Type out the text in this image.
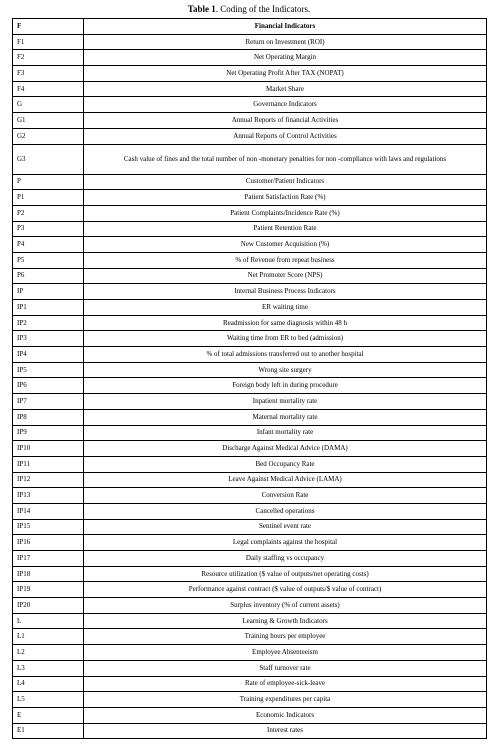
Table 1. Coding of the Indicators.
F	Financial Indicators
F1	Return on Investment (ROI)
F2	Net Operating Margin
F3	Net Operating Profit After TAX (NOPAT)
F4	Market Share
G	Governance Indicators
G1	Annual Reports of financial Activities
G2	Annual Reports of Control Activities
G3	Cash value of fines and the total number of non -monetary penalties for non -compliance with laws and regulations
P	Customer/Patient Indicators
P1	Patient Satisfaction Rate (%)
P2	Patient Complaints/Incidence Rate (%)
P3	Patient Retention Rate
P4	New Customer Acquisition (%)
P5	% of Revenue from repeat business
P6	Net Promoter Score (NPS)
IP	Internal Business Process Indicators
IP1	ER waiting time
IP2	Readmission for same diagnosis within 48 h
IP3	Waiting time from ER to bed (admission)
IP4	% of total admissions transferred out to another hospital
IP5	Wrong site surgery
IP6	Foreign body left in during procedure
IP7	Inpatient mortality rate
IP8	Maternal mortality rate
IP9	Infant mortality rate
IP10	Discharge Against Medical Advice (DAMA)
IP11	Bed Occupancy Rate
IP12	Leave Against Medical Advice (LAMA)
IP13	Conversion Rate
IP14	Cancelled operations
IP15	Sentinel event rate
IP16	Legal complaints against the hospital
IP17	Daily staffing vs occupancy
IP18	Resource utilization ($ value of outputs/net operating costs)
IP19	Performance against contract ($ value of outputs/$ value of contract)
IP20	Surplus inventory (% of current assets)
L	Learning & Growth Indicators
L1	Training hours per employee
L2	Employee Absenteeism
L3	Staff turnover rate
L4	Rate of employee-sick-leave
L5	Training expenditures per capita
E	Economic Indicators
E1	Interest rates
